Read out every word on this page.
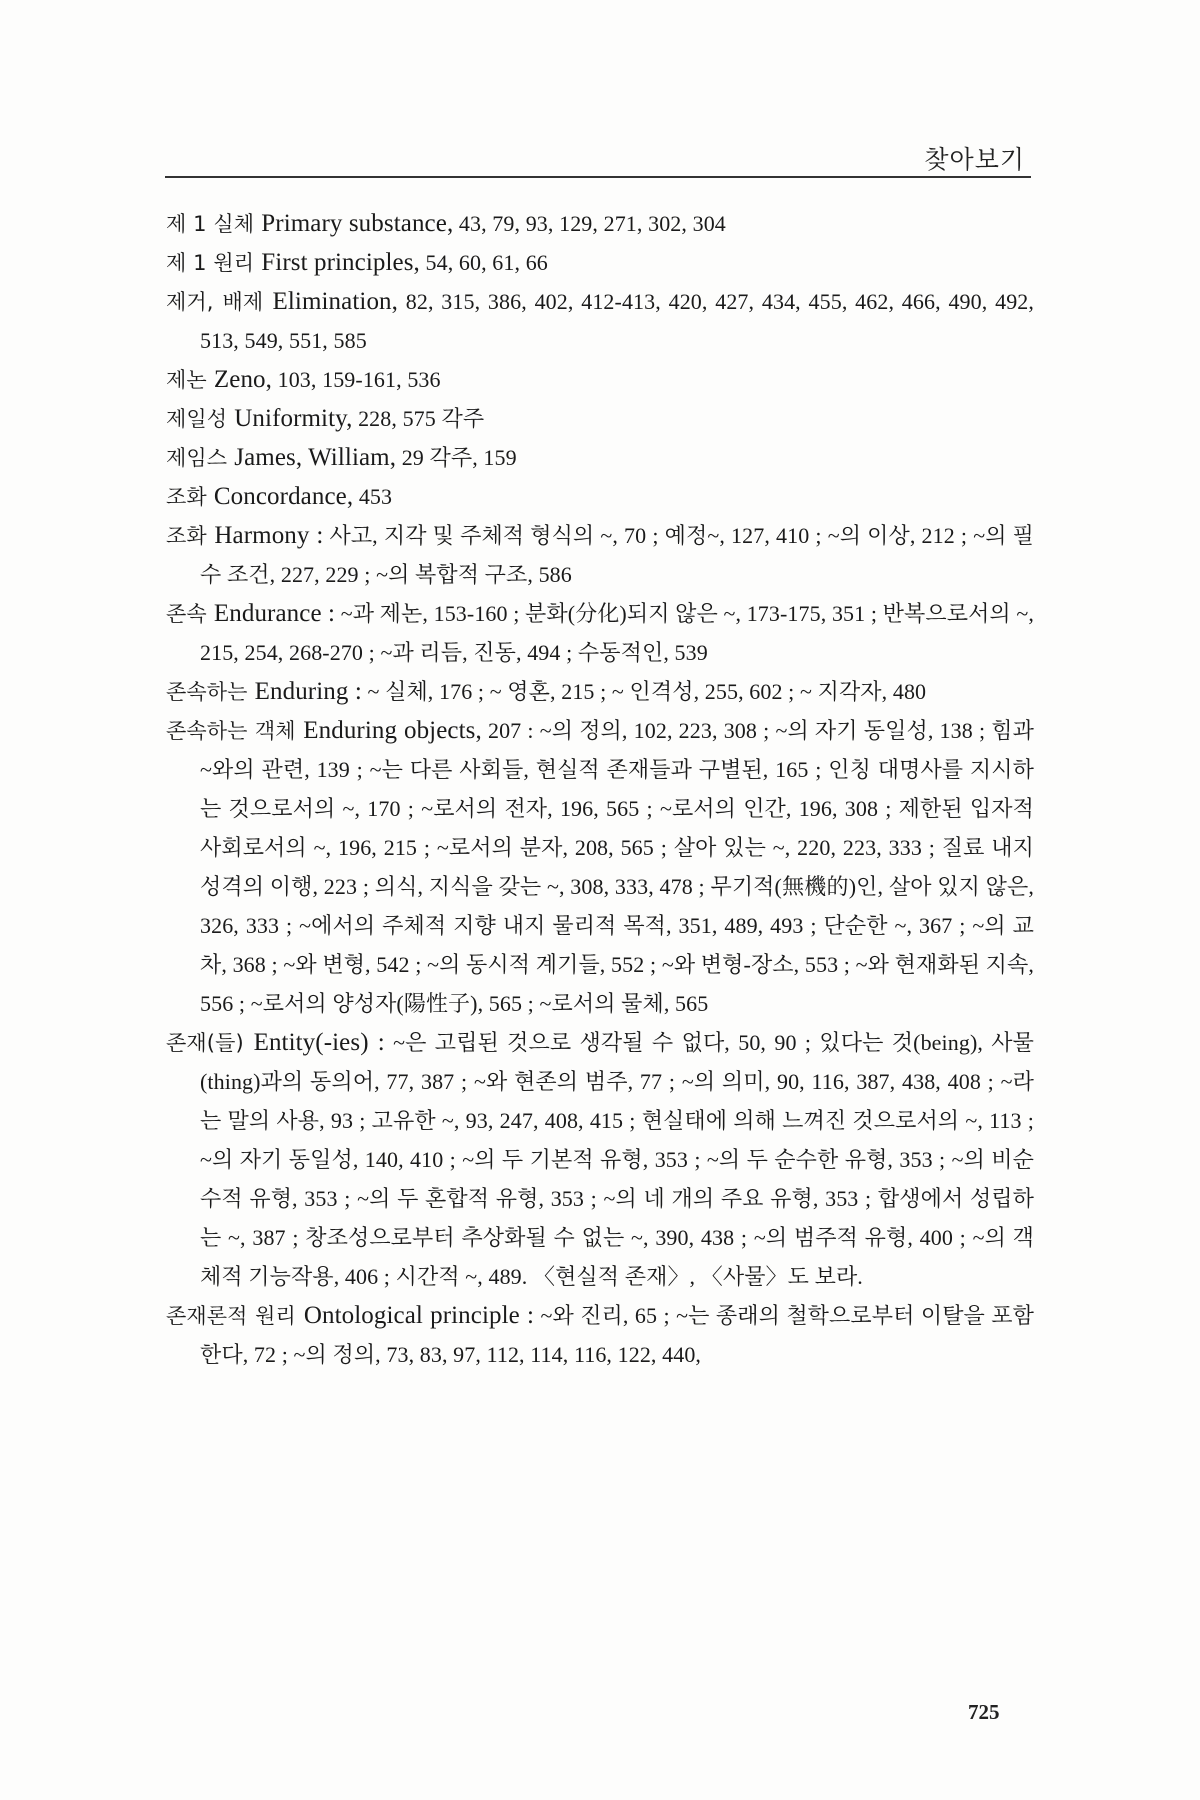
찾아보기

제 1 실체 Primary substance, 43, 79, 93, 129, 271, 302, 304

제 1 원리 First principles, 54, 60, 61, 66

제거, 배제 Elimination, 82, 315, 386, 402, 412-413, 420, 427, 434, 455, 462, 466, 490, 492, 513, 549, 551, 585

제논 Zeno, 103, 159-161, 536

제일성 Uniformity, 228, 575 각주

제임스 James, William, 29 각주, 159

조화 Concordance, 453

조화 Harmony : 사고, 지각 및 주체적 형식의 ~, 70 ; 예정~, 127, 410 ; ~의 이상, 212 ; ~의 필수 조건, 227, 229 ; ~의 복합적 구조, 586

존속 Endurance : ~과 제논, 153-160 ; 분화(分化)되지 않은 ~, 173-175, 351 ; 반복으로서의 ~, 215, 254, 268-270 ; ~과 리듬, 진동, 494 ; 수동적인, 539

존속하는 Enduring : ~ 실체, 176 ; ~ 영혼, 215 ; ~ 인격성, 255, 602 ; ~ 지각자, 480

존속하는 객체 Enduring objects, 207 : ~의 정의, 102, 223, 308 ; ~의 자기 동일성, 138 ; 힘과 ~와의 관련, 139 ; ~는 다른 사회들, 현실적 존재들과 구별된, 165 ; 인칭 대명사를 지시하는 것으로서의 ~, 170 ; ~로서의 전자, 196, 565 ; ~로서의 인간, 196, 308 ; 제한된 입자적 사회로서의 ~, 196, 215 ; ~로서의 분자, 208, 565 ; 살아 있는 ~, 220, 223, 333 ; 질료 내지 성격의 이행, 223 ; 의식, 지식을 갖는 ~, 308, 333, 478 ; 무기적(無機的)인, 살아 있지 않은, 326, 333 ; ~에서의 주체적 지향 내지 물리적 목적, 351, 489, 493 ; 단순한 ~, 367 ; ~의 교차, 368 ; ~와 변형, 542 ; ~의 동시적 계기들, 552 ; ~와 변형-장소, 553 ; ~와 현재화된 지속, 556 ; ~로서의 양성자(陽性子), 565 ; ~로서의 물체, 565

존재(들) Entity(-ies) : ~은 고립된 것으로 생각될 수 없다, 50, 90 ; 있다는 것(being), 사물(thing)과의 동의어, 77, 387 ; ~와 현존의 범주, 77 ; ~의 의미, 90, 116, 387, 438, 408 ; ~라는 말의 사용, 93 ; 고유한 ~, 93, 247, 408, 415 ; 현실태에 의해 느껴진 것으로서의 ~, 113 ; ~의 자기 동일성, 140, 410 ; ~의 두 기본적 유형, 353 ; ~의 두 순수한 유형, 353 ; ~의 비순수적 유형, 353 ; ~의 두 혼합적 유형, 353 ; ~의 네 개의 주요 유형, 353 ; 합생에서 성립하는 ~, 387 ; 창조성으로부터 추상화될 수 없는 ~, 390, 438 ; ~의 범주적 유형, 400 ; ~의 객체적 기능작용, 406 ; 시간적 ~, 489. 〈현실적 존재〉, 〈사물〉도 보라.

존재론적 원리 Ontological principle : ~와 진리, 65 ; ~는 종래의 철학으로부터 이탈을 포함한다, 72 ; ~의 정의, 73, 83, 97, 112, 114, 116, 122, 440,

725
